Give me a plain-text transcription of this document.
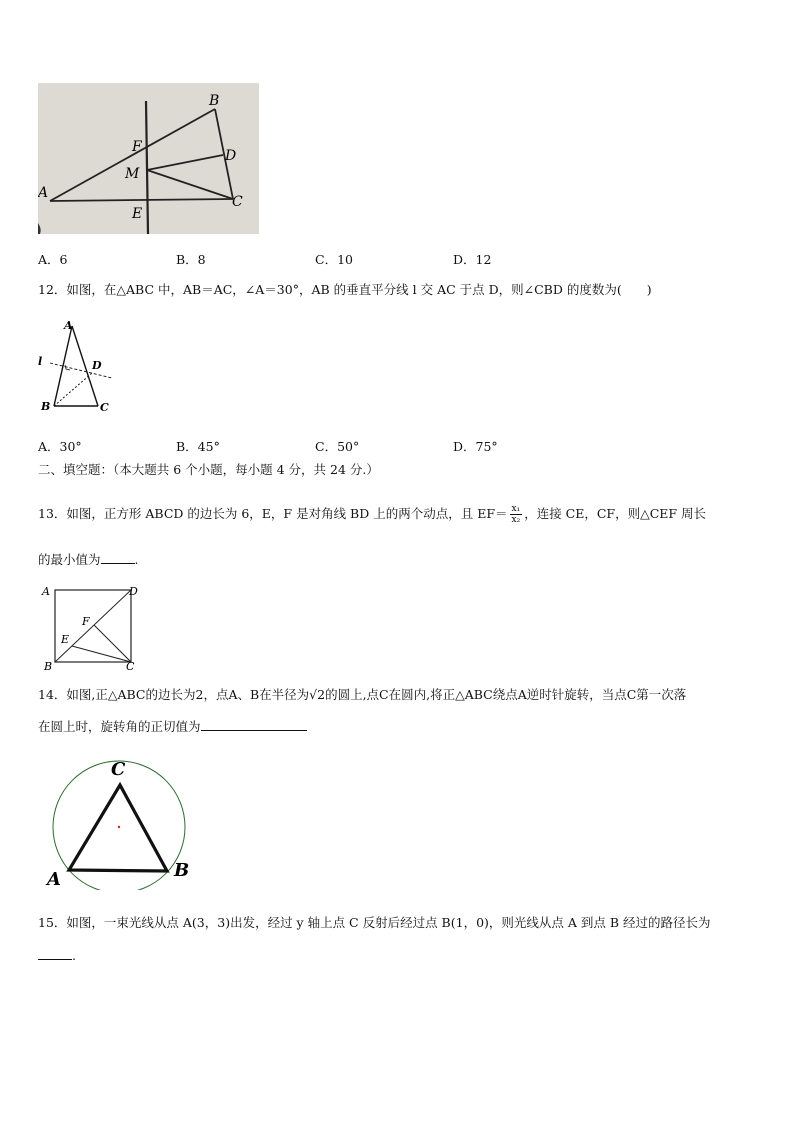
A
B
C
D
E
F
M
A．6	B．8	C．10	D．12
12．如图，在△ABC 中，AB＝AC，∠A＝30°，AB 的垂直平分线 l 交 AC 于点 D，则∠CBD 的度数为(　　)
A
B	C
D
l
A．30°	B．45°	C．50°	D．75°
二、填空题：（本大题共 6 个小题，每小题 4 分，共 24 分.）
13．如图，正方形 ABCD 的边长为 6，E，F 是对角线 BD 上的两个动点，且 $EF= \frac{\text{x₁}}{\text{x₂}}$ ，连接 CE，CF，则△CEF 周长
的最小值为	.
A	D
B	C
E
F
14．如图,正△ABC的边长为2，点A、B在半径为√2的圆上,点C在圆内,将正△ABC绕点A逆时针旋转，当点C第一次落
在圆上时，旋转角的正切值为
C
A	B
15．如图，一束光线从点 A(3，3)出发，经过 y 轴上点 C 反射后经过点 B(1，0)，则光线从点 A 到点 B 经过的路径长为
.
